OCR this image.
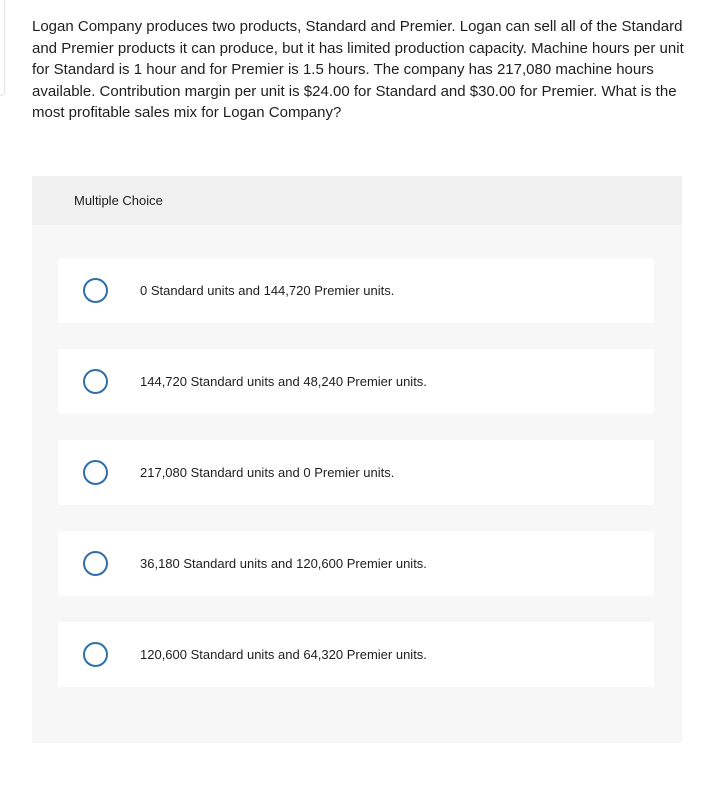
Logan Company produces two products, Standard and Premier. Logan can sell all of the Standard and Premier products it can produce, but it has limited production capacity. Machine hours per unit for Standard is 1 hour and for Premier is 1.5 hours. The company has 217,080 machine hours available. Contribution margin per unit is $24.00 for Standard and $30.00 for Premier. What is the most profitable sales mix for Logan Company?

Multiple Choice
0 Standard units and 144,720 Premier units.
144,720 Standard units and 48,240 Premier units.
217,080 Standard units and 0 Premier units.
36,180 Standard units and 120,600 Premier units.
120,600 Standard units and 64,320 Premier units.
